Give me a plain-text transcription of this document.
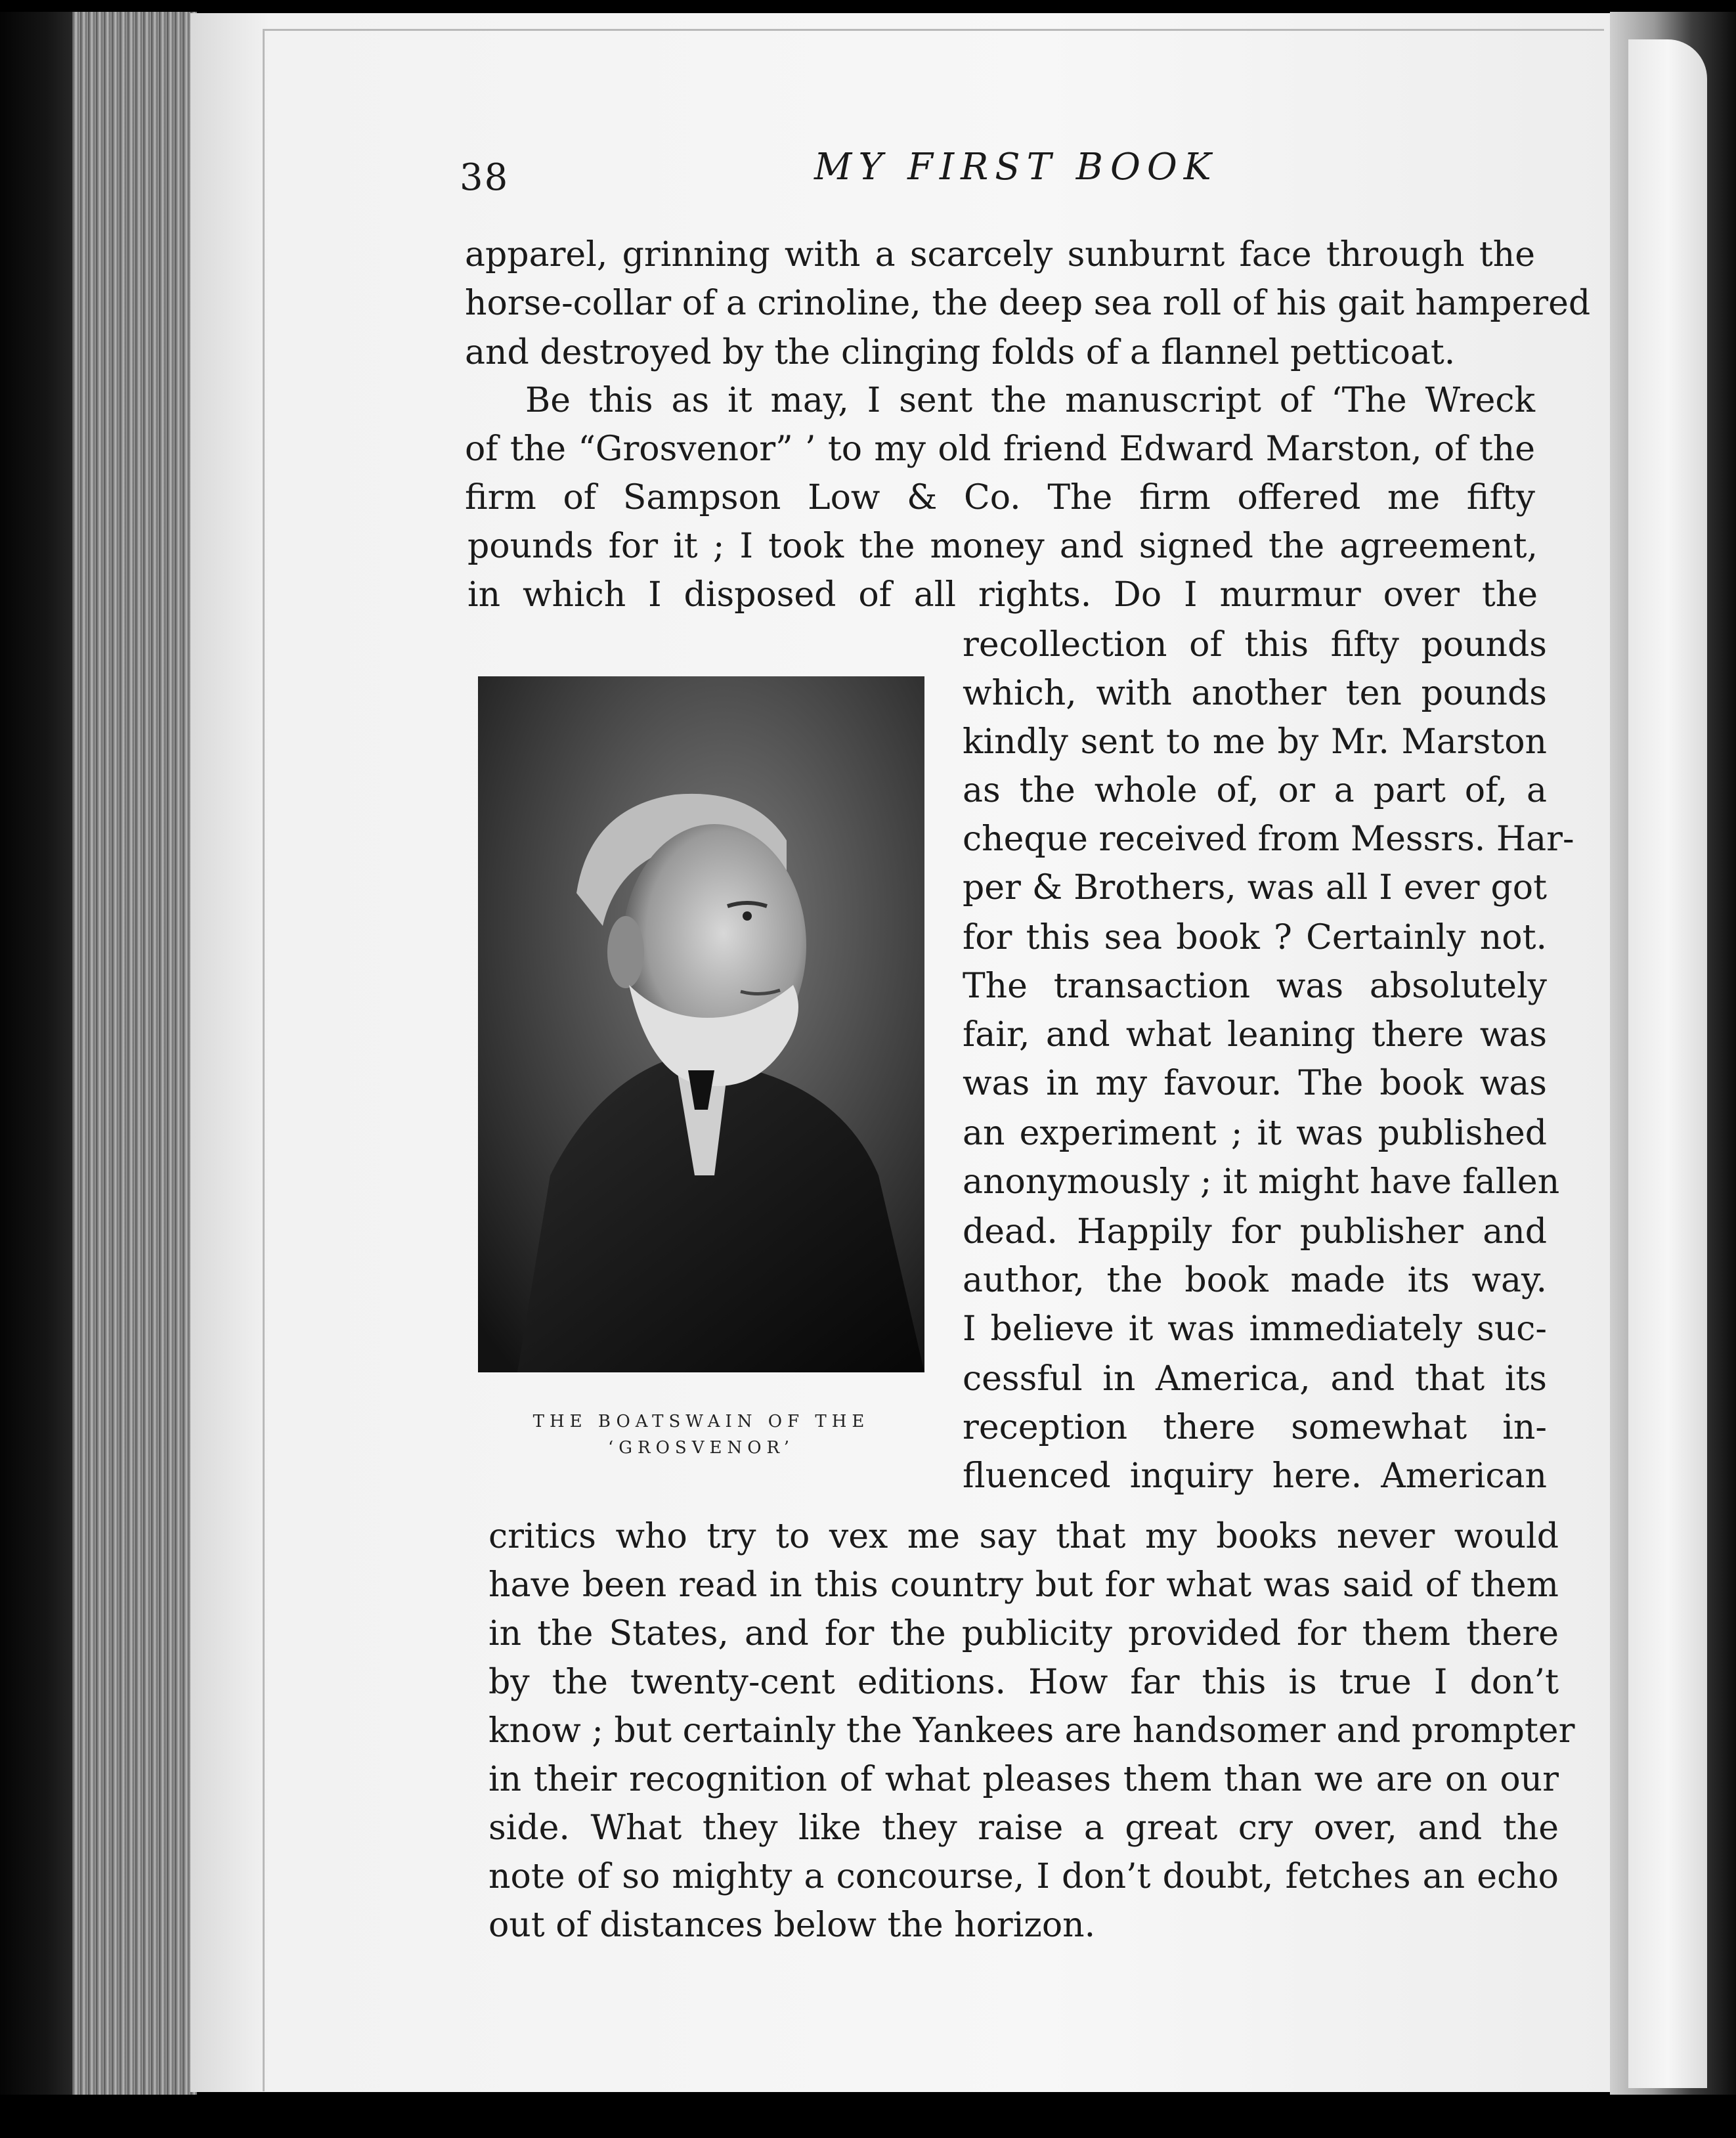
38	MY FIRST BOOK
apparel, grinning with a scarcely sunburnt face through the
horse-collar of a crinoline, the deep sea roll of his gait hampered
and destroyed by the clinging folds of a flannel petticoat.
Be this as it may, I sent the manuscript of ‘The Wreck
of the “Grosvenor” ’ to my old friend Edward Marston, of the
firm of Sampson Low & Co. The firm offered me fifty
pounds for it ; I took the money and signed the agreement,
in which I disposed of all rights. Do I murmur over the
recollection of this fifty pounds
which, with another ten pounds
kindly sent to me by Mr. Marston
as the whole of, or a part of, a
cheque received from Messrs. Har-
per & Brothers, was all I ever got
for this sea book ? Certainly not.
The transaction was absolutely
fair, and what leaning there was
was in my favour. The book was
an experiment ; it was published
anonymously ; it might have fallen
dead. Happily for publisher and
author, the book made its way.
I believe it was immediately suc-
cessful in America, and that its
reception there somewhat in-
fluenced inquiry here. American
critics who try to vex me say that my books never would
have been read in this country but for what was said of them
in the States, and for the publicity provided for them there
by the twenty-cent editions. How far this is true I don’t
know ; but certainly the Yankees are handsomer and prompter
in their recognition of what pleases them than we are on our
side. What they like they raise a great cry over, and the
note of so mighty a concourse, I don’t doubt, fetches an echo
out of distances below the horizon.
THE BOATSWAIN OF THE
‘GROSVENOR’
